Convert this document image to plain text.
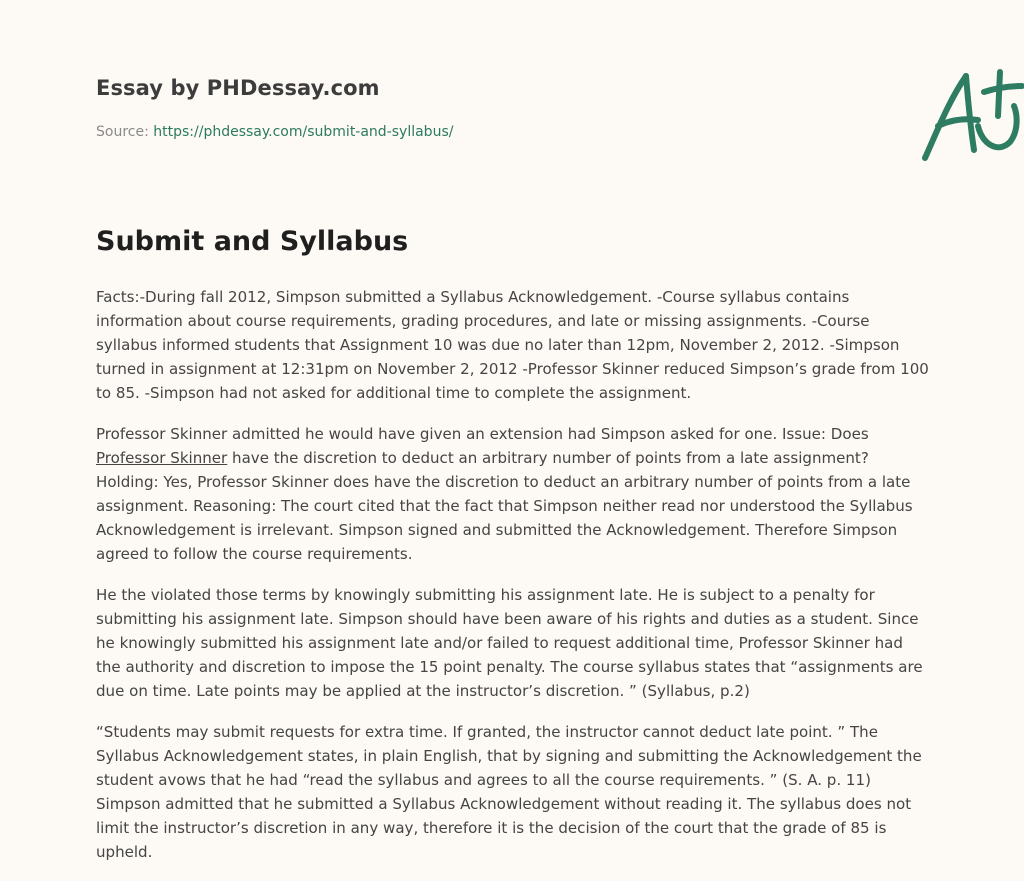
Essay by PHDessay.com
Source: https://phdessay.com/submit-and-syllabus/
Submit and Syllabus

Facts:-During fall 2012, Simpson submitted a Syllabus Acknowledgement. -Course syllabus contains information about course requirements, grading procedures, and late or missing assignments. -Course syllabus informed students that Assignment 10 was due no later than 12pm, November 2, 2012. -Simpson turned in assignment at 12:31pm on November 2, 2012 -Professor Skinner reduced Simpson’s grade from 100 to 85. -Simpson had not asked for additional time to complete the assignment.

Professor Skinner admitted he would have given an extension had Simpson asked for one. Issue: Does Professor Skinner have the discretion to deduct an arbitrary number of points from a late assignment? Holding: Yes, Professor Skinner does have the discretion to deduct an arbitrary number of points from a late assignment. Reasoning: The court cited that the fact that Simpson neither read nor understood the Syllabus Acknowledgement is irrelevant. Simpson signed and submitted the Acknowledgement. Therefore Simpson agreed to follow the course requirements.

He the violated those terms by knowingly submitting his assignment late. He is subject to a penalty for submitting his assignment late. Simpson should have been aware of his rights and duties as a student. Since he knowingly submitted his assignment late and/or failed to request additional time, Professor Skinner had the authority and discretion to impose the 15 point penalty. The course syllabus states that “assignments are due on time. Late points may be applied at the instructor’s discretion. ” (Syllabus, p.2)

“Students may submit requests for extra time. If granted, the instructor cannot deduct late point. ” The Syllabus Acknowledgement states, in plain English, that by signing and submitting the Acknowledgement the student avows that he had “read the syllabus and agrees to all the course requirements. ” (S. A. p. 11) Simpson admitted that he submitted a Syllabus Acknowledgement without reading it. The syllabus does not limit the instructor’s discretion in any way, therefore it is the decision of the court that the grade of 85 is upheld.
